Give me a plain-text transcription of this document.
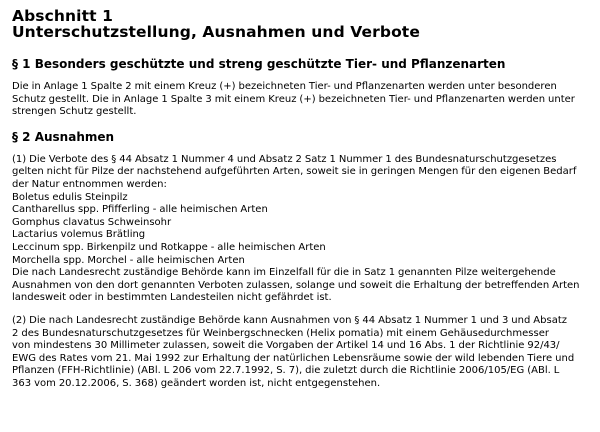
Abschnitt 1
Unterschutzstellung, Ausnahmen und Verbote
§ 1 Besonders geschützte und streng geschützte Tier- und Pflanzenarten

Die in Anlage 1 Spalte 2 mit einem Kreuz (+) bezeichneten Tier- und Pflanzenarten werden unter besonderen
Schutz gestellt. Die in Anlage 1 Spalte 3 mit einem Kreuz (+) bezeichneten Tier- und Pflanzenarten werden unter
strengen Schutz gestellt.

§ 2 Ausnahmen

(1) Die Verbote des § 44 Absatz 1 Nummer 4 und Absatz 2 Satz 1 Nummer 1 des Bundesnaturschutzgesetzes
gelten nicht für Pilze der nachstehend aufgeführten Arten, soweit sie in geringen Mengen für den eigenen Bedarf
der Natur entnommen werden:
Boletus edulis Steinpilz
Cantharellus spp. Pfifferling - alle heimischen Arten
Gomphus clavatus Schweinsohr
Lactarius volemus Brätling
Leccinum spp. Birkenpilz und Rotkappe - alle heimischen Arten
Morchella spp. Morchel - alle heimischen Arten
Die nach Landesrecht zuständige Behörde kann im Einzelfall für die in Satz 1 genannten Pilze weitergehende
Ausnahmen von den dort genannten Verboten zulassen, solange und soweit die Erhaltung der betreffenden Arten
landesweit oder in bestimmten Landesteilen nicht gefährdet ist.

(2) Die nach Landesrecht zuständige Behörde kann Ausnahmen von § 44 Absatz 1 Nummer 1 und 3 und Absatz
2 des Bundesnaturschutzgesetzes für Weinbergschnecken (Helix pomatia) mit einem Gehäusedurchmesser
von mindestens 30 Millimeter zulassen, soweit die Vorgaben der Artikel 14 und 16 Abs. 1 der Richtlinie 92/43/
EWG des Rates vom 21. Mai 1992 zur Erhaltung der natürlichen Lebensräume sowie der wild lebenden Tiere und
Pflanzen (FFH-Richtlinie) (ABl. L 206 vom 22.7.1992, S. 7), die zuletzt durch die Richtlinie 2006/105/EG (ABl. L
363 vom 20.12.2006, S. 368) geändert worden ist, nicht entgegenstehen.
